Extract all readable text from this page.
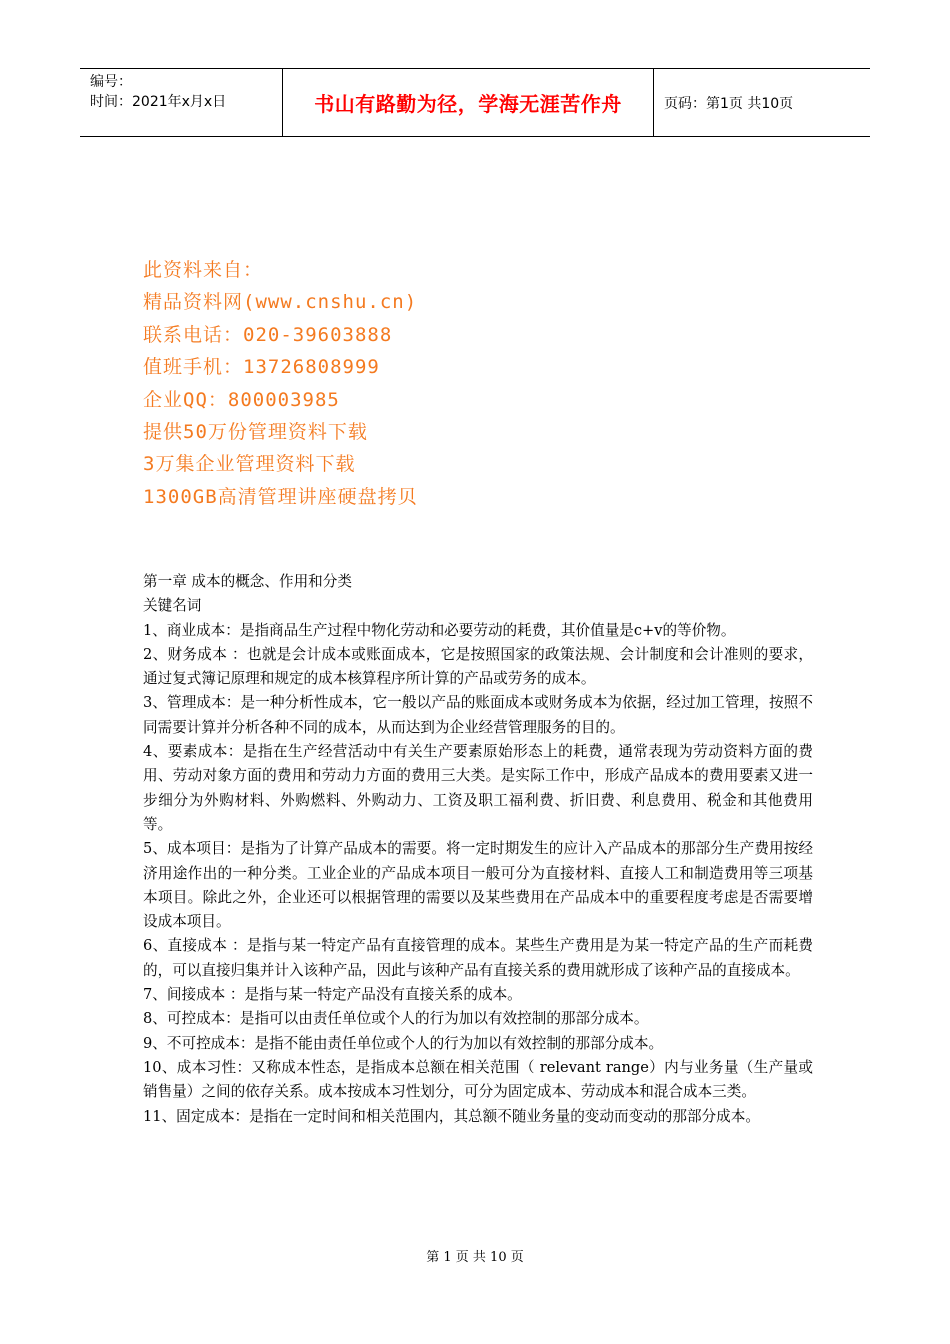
编号：
时间：2021年x月x日	书山有路勤为径，学海无涯苦作舟	页码：第1页 共10页
此资料来自：
精品资料网(www.cnshu.cn)
联系电话：020-39603888
值班手机：13726808999
企业QQ：800003985
提供50万份管理资料下载
3万集企业管理资料下载
1300GB高清管理讲座硬盘拷贝

第一章 成本的概念、作用和分类

关键名词

1、商业成本：是指商品生产过程中物化劳动和必要劳动的耗费，其价值量是c+v的等价物。

2、财务成本 ：也就是会计成本或账面成本，它是按照国家的政策法规、会计制度和会计准则的要求，通过复式簿记原理和规定的成本核算程序所计算的产品或劳务的成本。

3、管理成本：是一种分析性成本，它一般以产品的账面成本或财务成本为依据，经过加工管理，按照不同需要计算并分析各种不同的成本，从而达到为企业经营管理服务的目的。

4、要素成本：是指在生产经营活动中有关生产要素原始形态上的耗费，通常表现为劳动资料方面的费用、劳动对象方面的费用和劳动力方面的费用三大类。是实际工作中，形成产品成本的费用要素又进一步细分为外购材料、外购燃料、外购动力、工资及职工福利费、折旧费、利息费用、税金和其他费用等。

5、成本项目：是指为了计算产品成本的需要。将一定时期发生的应计入产品成本的那部分生产费用按经济用途作出的一种分类。工业企业的产品成本项目一般可分为直接材料、直接人工和制造费用等三项基本项目。除此之外，企业还可以根据管理的需要以及某些费用在产品成本中的重要程度考虑是否需要增设成本项目。

6、直接成本 ：是指与某一特定产品有直接管理的成本。某些生产费用是为某一特定产品的生产而耗费的，可以直接归集并计入该种产品，因此与该种产品有直接关系的费用就形成了该种产品的直接成本。

7、间接成本 ：是指与某一特定产品没有直接关系的成本。

8、可控成本：是指可以由责任单位或个人的行为加以有效控制的那部分成本。

9、不可控成本：是指不能由责任单位或个人的行为加以有效控制的那部分成本。

10、成本习性：又称成本性态，是指成本总额在相关范围（ relevant range）内与业务量（生产量或销售量）之间的依存关系。成本按成本习性划分，可分为固定成本、劳动成本和混合成本三类。

11、固定成本：是指在一定时间和相关范围内，其总额不随业务量的变动而变动的那部分成本。

第 1 页 共 10 页
